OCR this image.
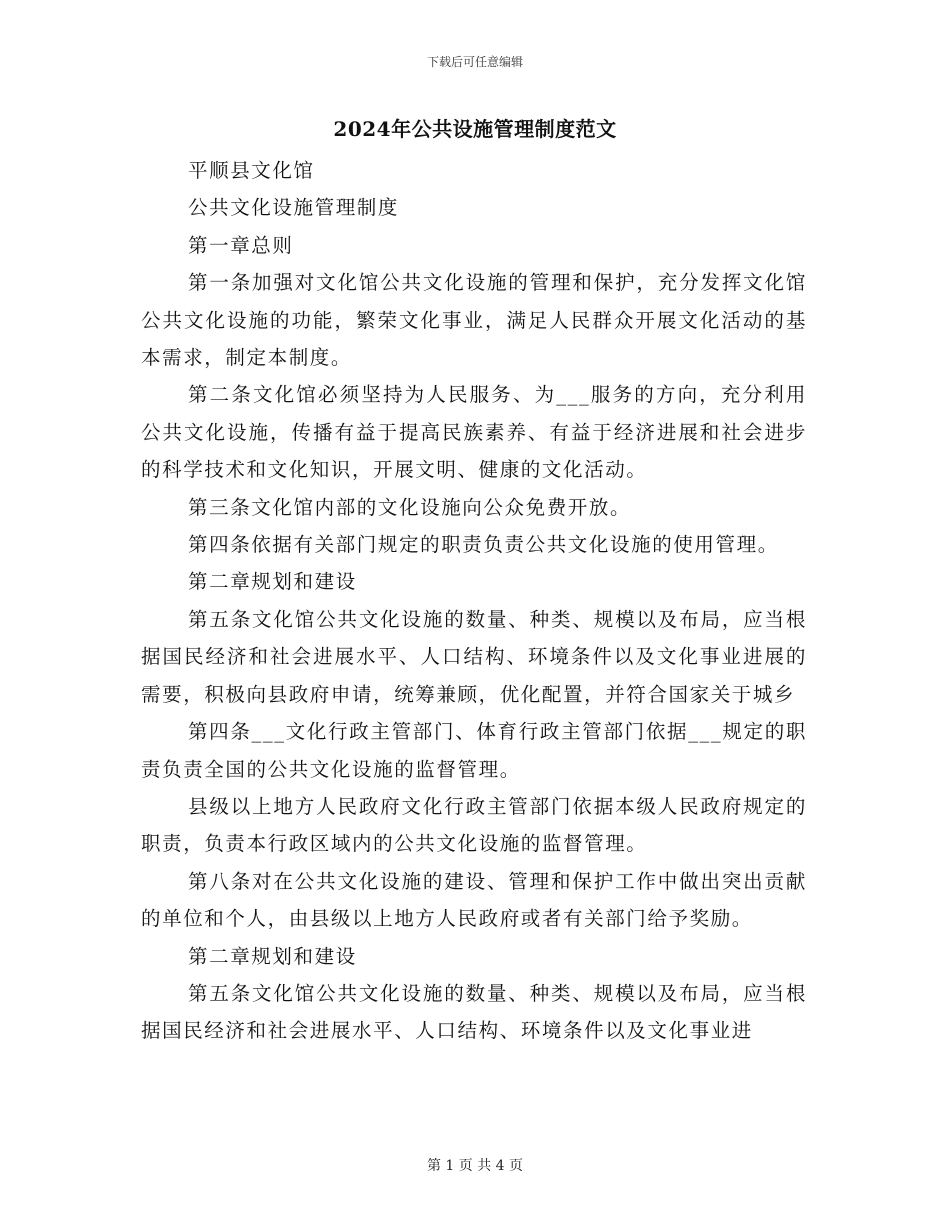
下载后可任意编辑
2024年公共设施管理制度范文

平顺县文化馆

公共文化设施管理制度

第一章总则

第一条加强对文化馆公共文化设施的管理和保护，充分发挥文化馆公共文化设施的功能，繁荣文化事业，满足人民群众开展文化活动的基本需求，制定本制度。

第二条文化馆必须坚持为人民服务、为___服务的方向，充分利用公共文化设施，传播有益于提高民族素养、有益于经济进展和社会进步的科学技术和文化知识，开展文明、健康的文化活动。

第三条文化馆内部的文化设施向公众免费开放。

第四条依据有关部门规定的职责负责公共文化设施的使用管理。

第二章规划和建设

第五条文化馆公共文化设施的数量、种类、规模以及布局，应当根据国民经济和社会进展水平、人口结构、环境条件以及文化事业进展的需要，积极向县政府申请，统筹兼顾，优化配置，并符合国家关于城乡

第四条___文化行政主管部门、体育行政主管部门依据___规定的职责负责全国的公共文化设施的监督管理。

县级以上地方人民政府文化行政主管部门依据本级人民政府规定的职责，负责本行政区域内的公共文化设施的监督管理。

第八条对在公共文化设施的建设、管理和保护工作中做出突出贡献的单位和个人，由县级以上地方人民政府或者有关部门给予奖励。

第二章规划和建设

第五条文化馆公共文化设施的数量、种类、规模以及布局，应当根据国民经济和社会进展水平、人口结构、环境条件以及文化事业进

第 1 页 共 4 页
